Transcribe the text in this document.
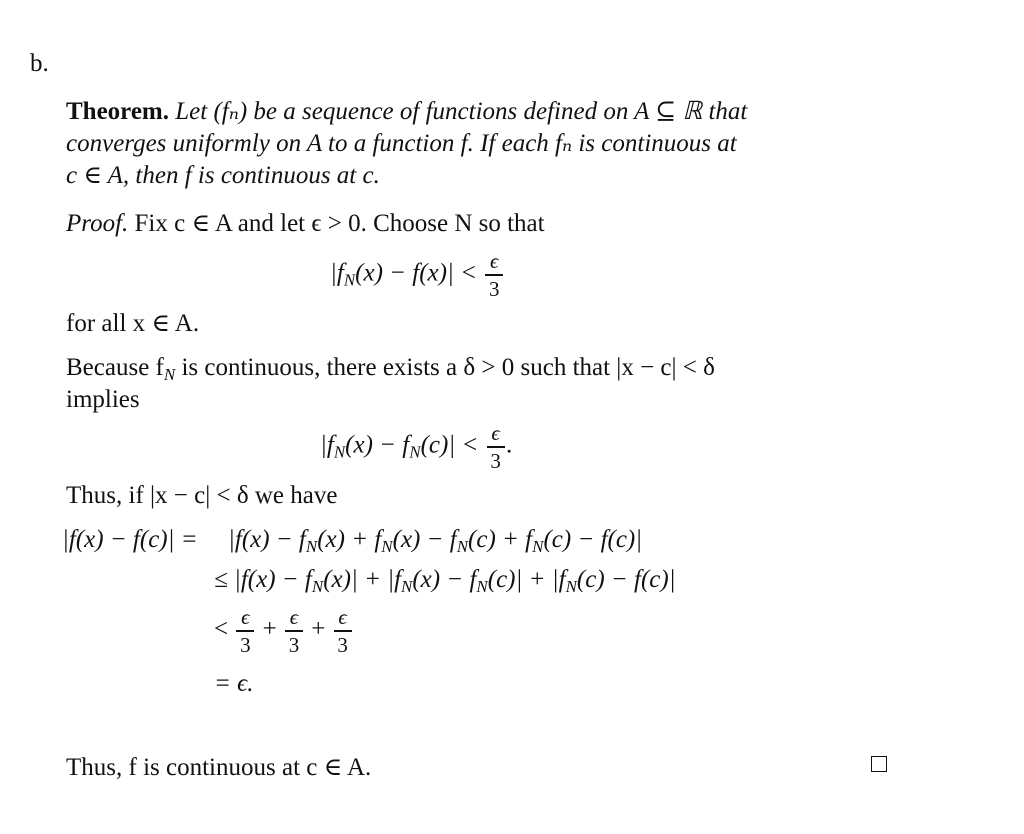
b.
Theorem. Let (fₙ) be a sequence of functions defined on A ⊆ ℝ that
converges uniformly on A to a function f. If each fₙ is continuous at
c ∈ A, then f is continuous at c.
Proof. Fix c ∈ A and let ϵ > 0. Choose N so that
$|f_N(x) - f(x)| < \frac{\epsilon}{3}$
for all x ∈ A.
Because $f_N$ is continuous, there exists a δ > 0 such that |x − c| < δ
implies
$|f_N(x) - f_N(c)| < \frac{\epsilon}{3}$ .
Thus, if |x − c| < δ we have
$|f(x) - f(c)| = |f(x) - f_N(x) + f_N(x) - f_N(c) + f_N(c) - f(c)|$
≤ $|f(x) - f_N(x)| + |f_N(x) - f_N(c)| + |f_N(c) - f(c)|$
< $\frac{\epsilon}{3} + \frac{\epsilon}{3} + \frac{\epsilon}{3}$
= ϵ.
Thus, f is continuous at c ∈ A.
